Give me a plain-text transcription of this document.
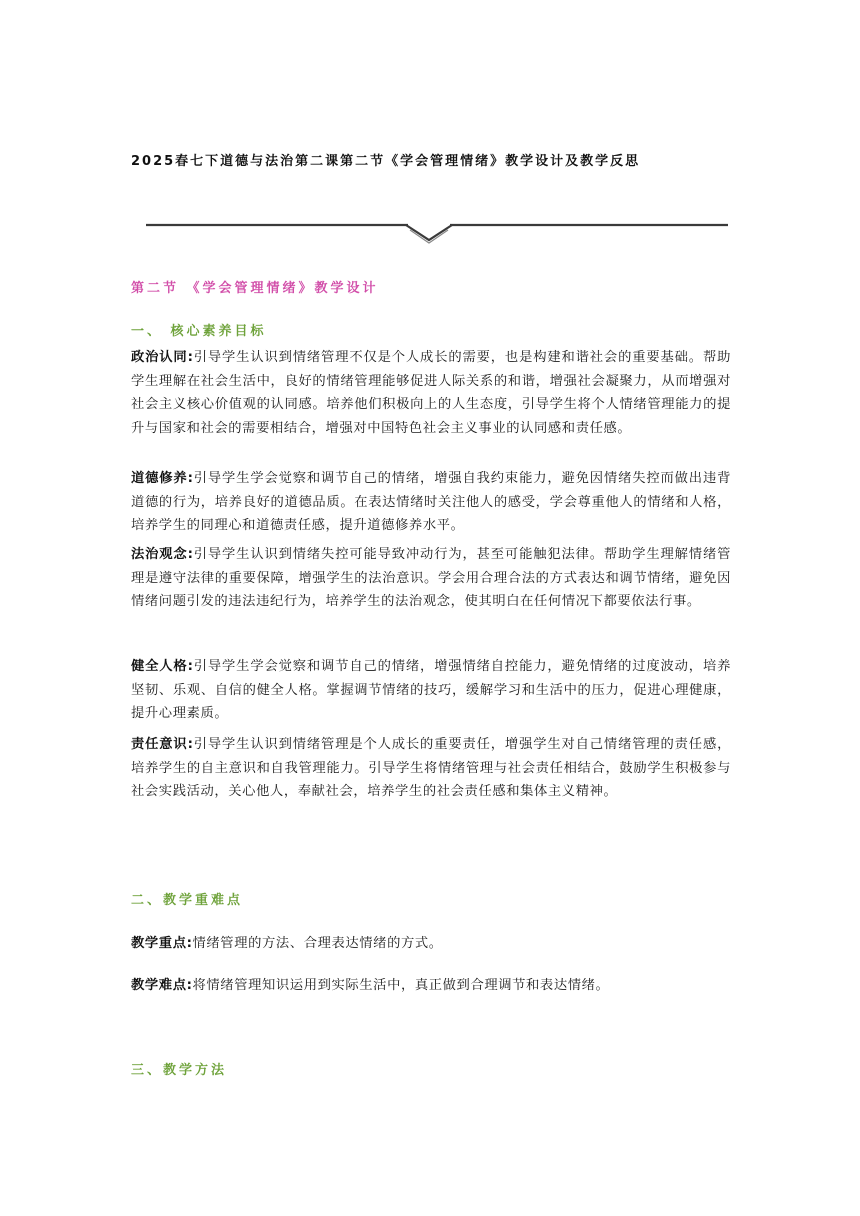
2025春七下道德与法治第二课第二节《学会管理情绪》教学设计及教学反思
第二节 《学会管理情绪》教学设计
一、 核心素养目标
政治认同:引导学生认识到情绪管理不仅是个人成长的需要，也是构建和谐社会的重要基础。帮助学生理解在社会生活中，良好的情绪管理能够促进人际关系的和谐，增强社会凝聚力，从而增强对社会主义核心价值观的认同感。培养他们积极向上的人生态度，引导学生将个人情绪管理能力的提升与国家和社会的需要相结合，增强对中国特色社会主义事业的认同感和责任感。
道德修养:引导学生学会觉察和调节自己的情绪，增强自我约束能力，避免因情绪失控而做出违背道德的行为，培养良好的道德品质。在表达情绪时关注他人的感受，学会尊重他人的情绪和人格，培养学生的同理心和道德责任感，提升道德修养水平。
法治观念:引导学生认识到情绪失控可能导致冲动行为，甚至可能触犯法律。帮助学生理解情绪管理是遵守法律的重要保障，增强学生的法治意识。学会用合理合法的方式表达和调节情绪，避免因情绪问题引发的违法违纪行为，培养学生的法治观念，使其明白在任何情况下都要依法行事。
健全人格:引导学生学会觉察和调节自己的情绪，增强情绪自控能力，避免情绪的过度波动，培养坚韧、乐观、自信的健全人格。掌握调节情绪的技巧，缓解学习和生活中的压力，促进心理健康，提升心理素质。
责任意识:引导学生认识到情绪管理是个人成长的重要责任，增强学生对自己情绪管理的责任感，培养学生的自主意识和自我管理能力。引导学生将情绪管理与社会责任相结合，鼓励学生积极参与社会实践活动，关心他人，奉献社会，培养学生的社会责任感和集体主义精神。
二、教学重难点
教学重点:情绪管理的方法、合理表达情绪的方式。
教学难点:将情绪管理知识运用到实际生活中，真正做到合理调节和表达情绪。
三、教学方法
